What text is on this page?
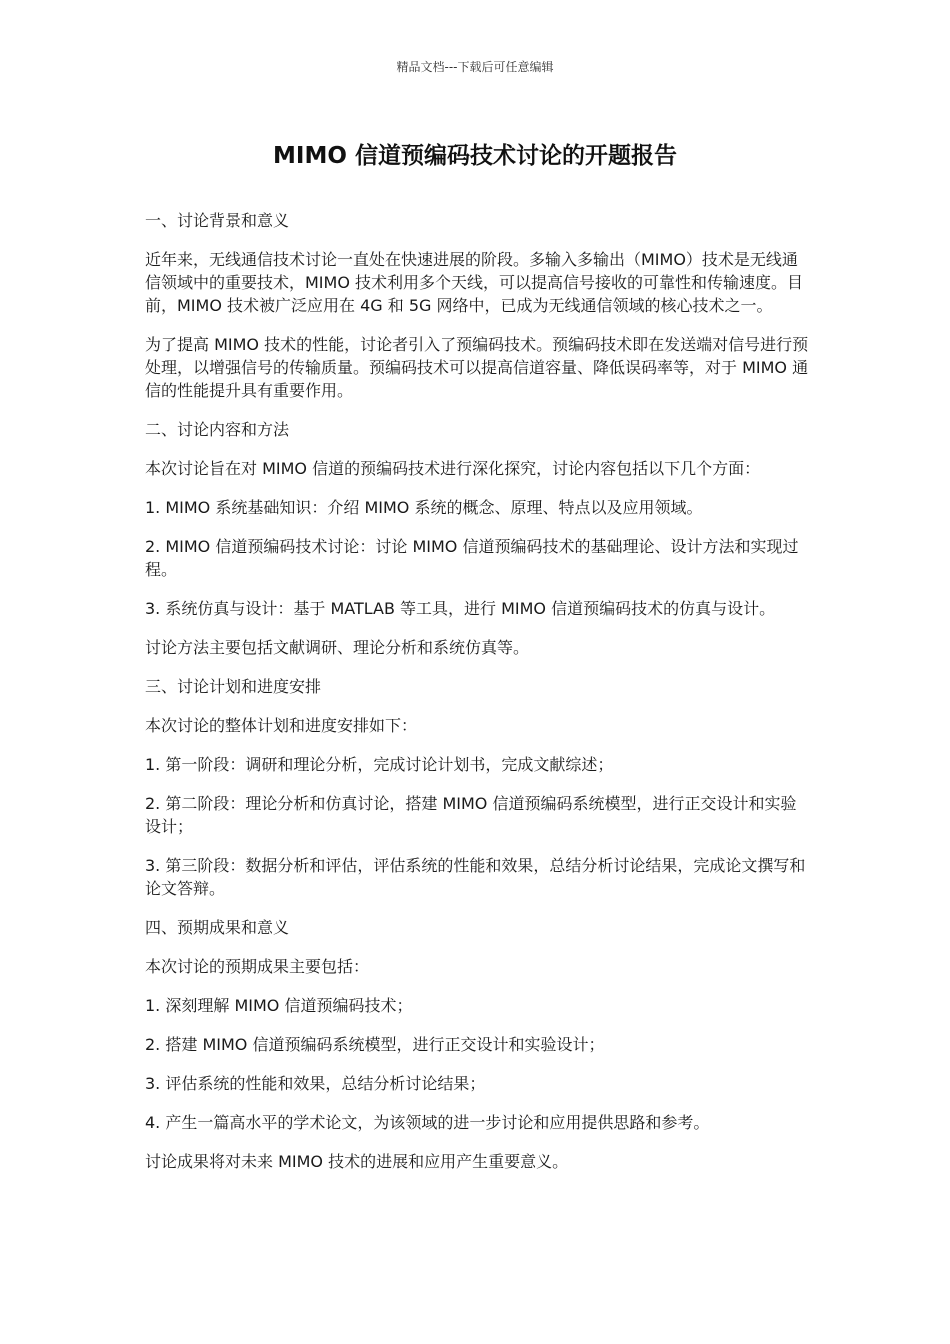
精品文档---下载后可任意编辑
MIMO 信道预编码技术讨论的开题报告

一、讨论背景和意义

近年来，无线通信技术讨论一直处在快速进展的阶段。多输入多输出（MIMO）技术是无线通信领域中的重要技术，MIMO 技术利用多个天线，可以提高信号接收的可靠性和传输速度。目前，MIMO 技术被广泛应用在 4G 和 5G 网络中，已成为无线通信领域的核心技术之一。

为了提高 MIMO 技术的性能，讨论者引入了预编码技术。预编码技术即在发送端对信号进行预处理，以增强信号的传输质量。预编码技术可以提高信道容量、降低误码率等，对于 MIMO 通信的性能提升具有重要作用。

二、讨论内容和方法

本次讨论旨在对 MIMO 信道的预编码技术进行深化探究，讨论内容包括以下几个方面：

1. MIMO 系统基础知识：介绍 MIMO 系统的概念、原理、特点以及应用领域。

2. MIMO 信道预编码技术讨论：讨论 MIMO 信道预编码技术的基础理论、设计方法和实现过程。

3. 系统仿真与设计：基于 MATLAB 等工具，进行 MIMO 信道预编码技术的仿真与设计。

讨论方法主要包括文献调研、理论分析和系统仿真等。

三、讨论计划和进度安排

本次讨论的整体计划和进度安排如下：

1. 第一阶段：调研和理论分析，完成讨论计划书，完成文献综述；

2. 第二阶段：理论分析和仿真讨论，搭建 MIMO 信道预编码系统模型，进行正交设计和实验设计；

3. 第三阶段：数据分析和评估，评估系统的性能和效果，总结分析讨论结果，完成论文撰写和论文答辩。

四、预期成果和意义

本次讨论的预期成果主要包括：

1. 深刻理解 MIMO 信道预编码技术；

2. 搭建 MIMO 信道预编码系统模型，进行正交设计和实验设计；

3. 评估系统的性能和效果，总结分析讨论结果；

4. 产生一篇高水平的学术论文，为该领域的进一步讨论和应用提供思路和参考。

讨论成果将对未来 MIMO 技术的进展和应用产生重要意义。
